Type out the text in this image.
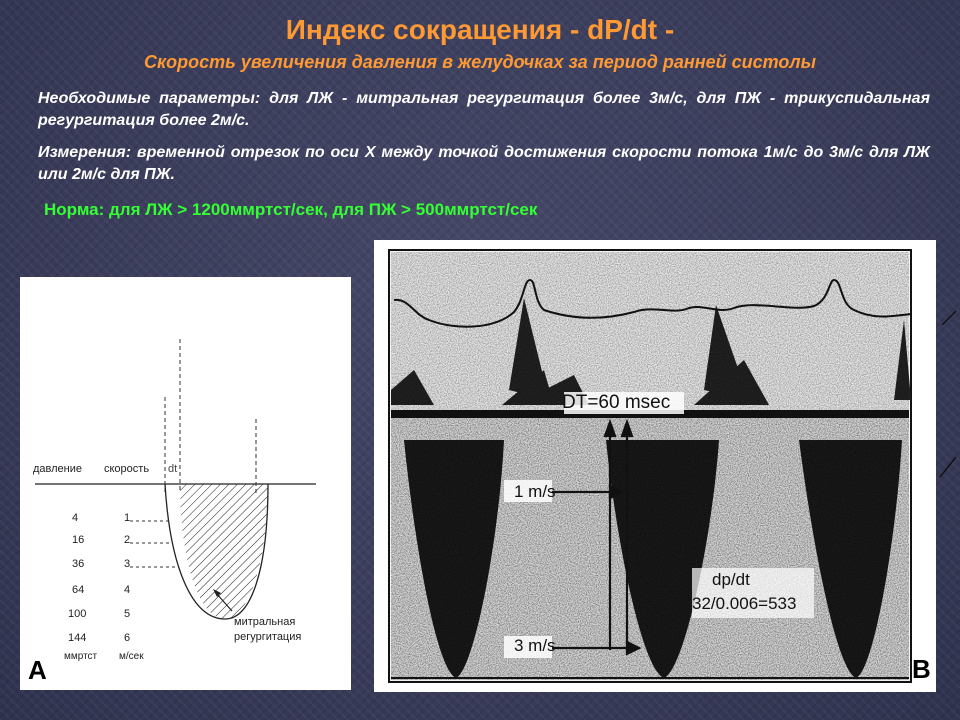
Индекс сокращения - dP/dt -
Скорость увеличения давления в желудочках за период ранней систолы
Необходимые параметры: для ЛЖ - митральная регургитация более 3м/с, для ПЖ - трикуспидальная регургитация более 2м/с.
Измерения: временной отрезок по оси X между точкой достижения скорости потока 1м/с до 3м/с для ЛЖ или 2м/с для ПЖ.
Норма: для ЛЖ > 1200ммртст/сек, для ПЖ > 500ммртст/сек
давление скорость dt
4	1
16	2
36	3
64	4
100	5
144	6
ммртст м/сек
митральная
регургитация
A
DT=60 msec
1 m/s
3 m/s
dp/dt
32/0.006=533
B
